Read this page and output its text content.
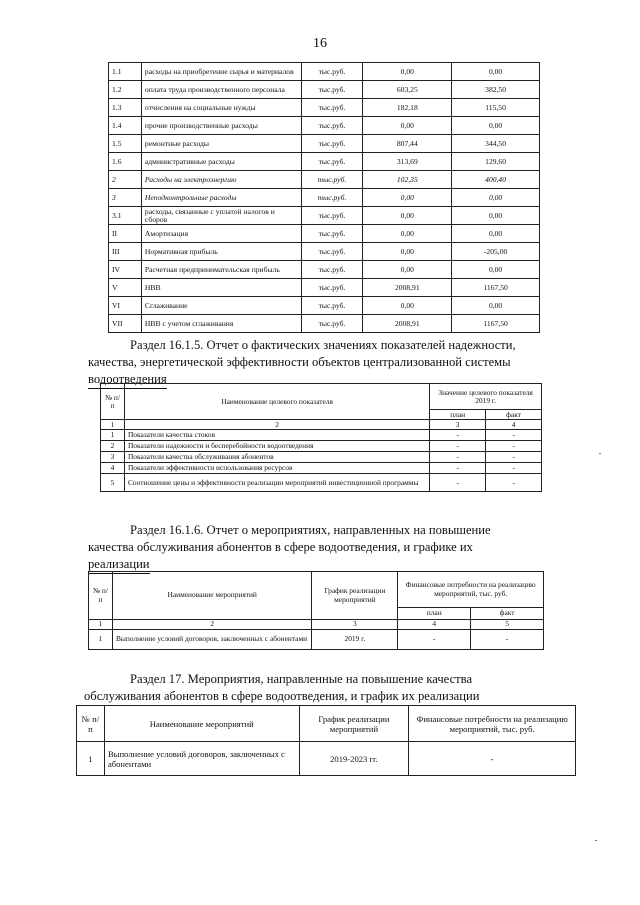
16
1.1	расходы на приобретение сырья и материалов	тыс.руб.	0,00	0,00
1.2	оплата труда производственного персонала	тыс.руб.	603,25	382,50
1.3	отчисления на социальные нужды	тыс.руб.	182,18	115,50
1.4	прочие производственные расходы	тыс.руб.	0,00	0,00
1.5	ремонтные расходы	тыс.руб.	807,44	344,50
1.6	административные расходы	тыс.руб.	313,69	129,60
2	Расходы на электроэнергию	тыс.руб.	102,35	400,40
3	Неподконтрольные расходы	тыс.руб.	0,00	0,00
3.1	расходы, связанные с уплатой налогов и сборов	тыс.руб.	0,00	0,00
II	Амортизация	тыс.руб.	0,00	0,00
III	Нормативная прибыль	тыс.руб.	0,00	-205,00
IV	Расчетная предпринимательская прибыль	тыс.руб.	0,00	0,00
V	НВВ	тыс.руб.	2008,91	1167,50
VI	Сглаживание	тыс.руб.	0,00	0,00
VII	НВВ с учетом сглаживания	тыс.руб.	2008,91	1167,50

Раздел 16.1.5. Отчет о фактических значениях показателей надежности,

качества, энергетической эффективности объектов централизованной системы

водоотведения

№ п/п	Наименование целевого показателя	Значение целевого показателя 2019 г.	
		план	факт
1	2	3	4
1	Показатели качества стоков	-	-
2	Показатели надежности и бесперебойности водоотведения	-	-
3	Показатели качества обслуживания абонентов	-	-
4	Показатели эффективности использования ресурсов	-	-
5	Соотношение цены и эффективности реализации мероприятий инвестиционной программы	-	-

Раздел 16.1.6. Отчет о мероприятиях, направленных на повышение

качества обслуживания абонентов в сфере водоотведения, и графике их

реализации

№ п/п	Наименование мероприятий	График реализации мероприятий	Финансовые потребности на реализацию мероприятий, тыс. руб.	
			план	факт
1	2	3	4	5
1	Выполнение условий договоров, заключенных с абонентами	2019 г.	-	-

Раздел 17. Мероприятия, направленные на повышение качества

обслуживания абонентов в сфере водоотведения, и график их реализации

№ п/п	Наименование мероприятий	График реализации мероприятий	Финансовые потребности на реализацию мероприятий, тыс. руб.
1	Выполнение условий договоров, заключенных с абонентами	2019-2023 гг.	-
